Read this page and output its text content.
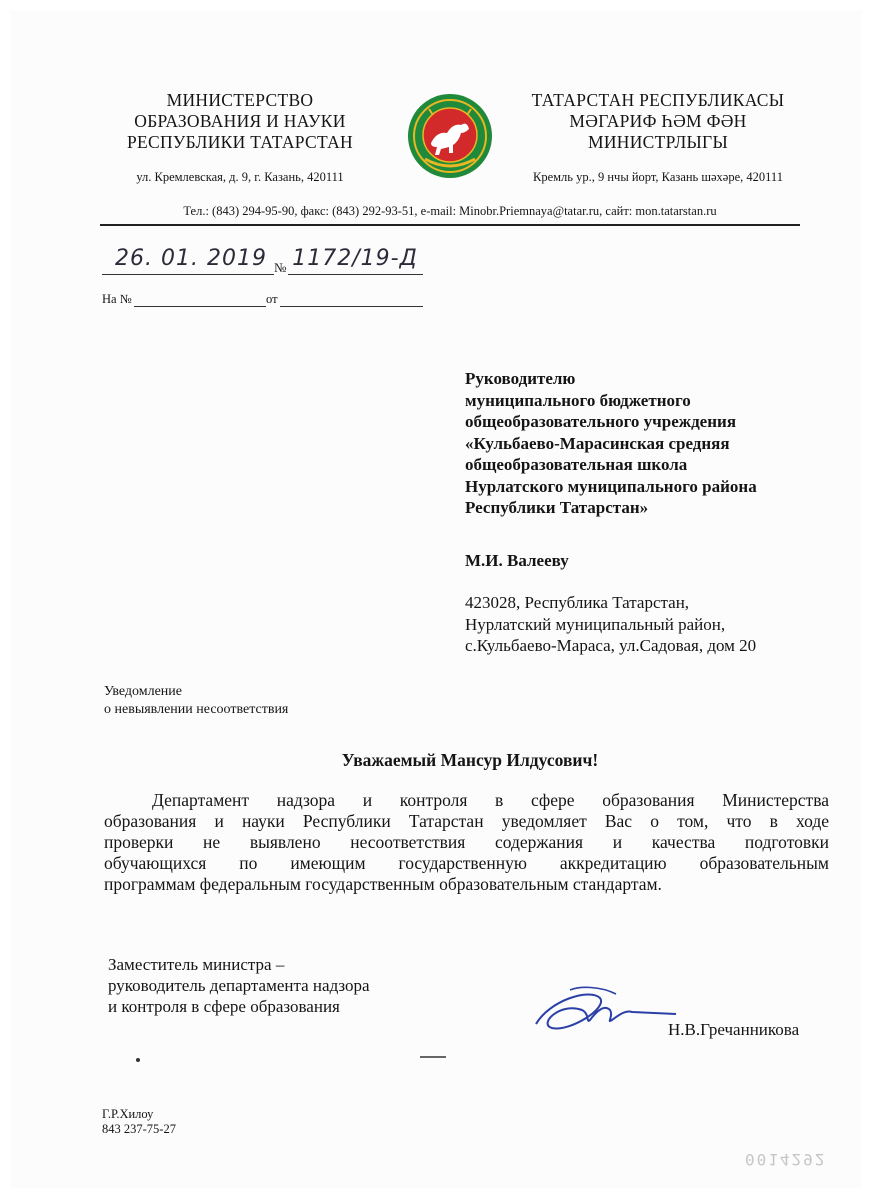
МИНИСТЕРСТВО
ОБРАЗОВАНИЯ И НАУКИ
РЕСПУБЛИКИ ТАТАРСТАН
ул. Кремлевская, д. 9, г. Казань, 420111
ТАТАРСТАН РЕСПУБЛИКАСЫ
МӘГАРИФ ҺӘМ ФӘН
МИНИСТРЛЫГЫ
Кремль ур., 9 нчы йорт, Казань шәхәре, 420111
Тел.: (843) 294-95-90, факс: (843) 292-93-51, e-mail: Minobr.Priemnaya@tatar.ru, сайт: mon.tatarstan.ru
26. 01. 2019 № 1172/19-Д
На №	от
Руководителю
муниципального бюджетного
общеобразовательного учреждения
«Кульбаево-Марасинская средняя
общеобразовательная школа
Нурлатского муниципального района
Республики Татарстан»
М.И. Валееву
423028, Республика Татарстан,
Нурлатский муниципальный район,
с.Кульбаево-Мараса, ул.Садовая, дом 20
Уведомление
о невыявлении несоответствия
Уважаемый Мансур Илдусович!
Департамент надзора и контроля в сфере образования Министерства
образования и науки Республики Татарстан уведомляет Вас о том, что в ходе
проверки не выявлено несоответствия содержания и качества подготовки
обучающихся по имеющим государственную аккредитацию образовательным
программам федеральным государственным образовательным стандартам.
Заместитель министра –
руководитель департамента надзора
и контроля в сфере образования
Н.В.Гречанникова
Г.Р.Хилоу
843 237-75-27
0014292
